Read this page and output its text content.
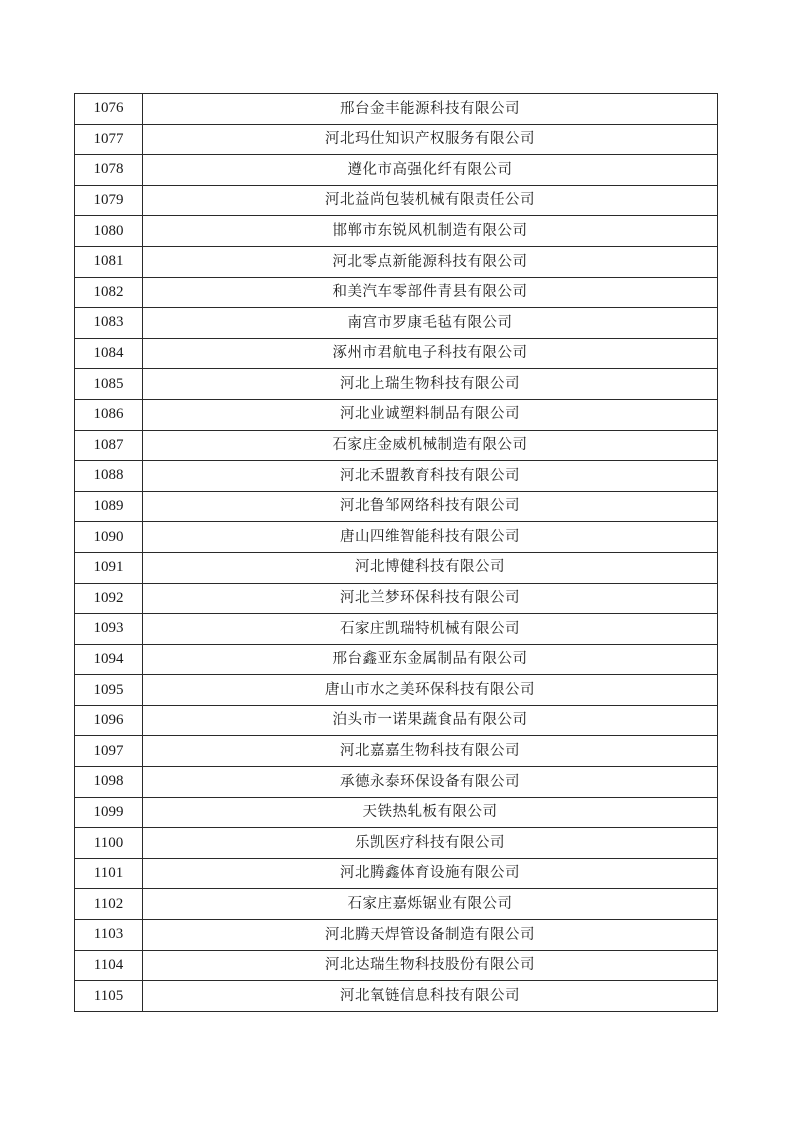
1076	邢台金丰能源科技有限公司
1077	河北玛仕知识产权服务有限公司
1078	遵化市高强化纤有限公司
1079	河北益尚包装机械有限责任公司
1080	邯郸市东锐风机制造有限公司
1081	河北零点新能源科技有限公司
1082	和美汽车零部件青县有限公司
1083	南宫市罗康毛毡有限公司
1084	涿州市君航电子科技有限公司
1085	河北上瑞生物科技有限公司
1086	河北业诚塑料制品有限公司
1087	石家庄金威机械制造有限公司
1088	河北禾盟教育科技有限公司
1089	河北鲁邹网络科技有限公司
1090	唐山四维智能科技有限公司
1091	河北博健科技有限公司
1092	河北兰梦环保科技有限公司
1093	石家庄凯瑞特机械有限公司
1094	邢台鑫亚东金属制品有限公司
1095	唐山市水之美环保科技有限公司
1096	泊头市一诺果蔬食品有限公司
1097	河北嘉嘉生物科技有限公司
1098	承德永泰环保设备有限公司
1099	天铁热轧板有限公司
1100	乐凯医疗科技有限公司
1101	河北腾鑫体育设施有限公司
1102	石家庄嘉烁锯业有限公司
1103	河北腾天焊管设备制造有限公司
1104	河北达瑞生物科技股份有限公司
1105	河北氧链信息科技有限公司
